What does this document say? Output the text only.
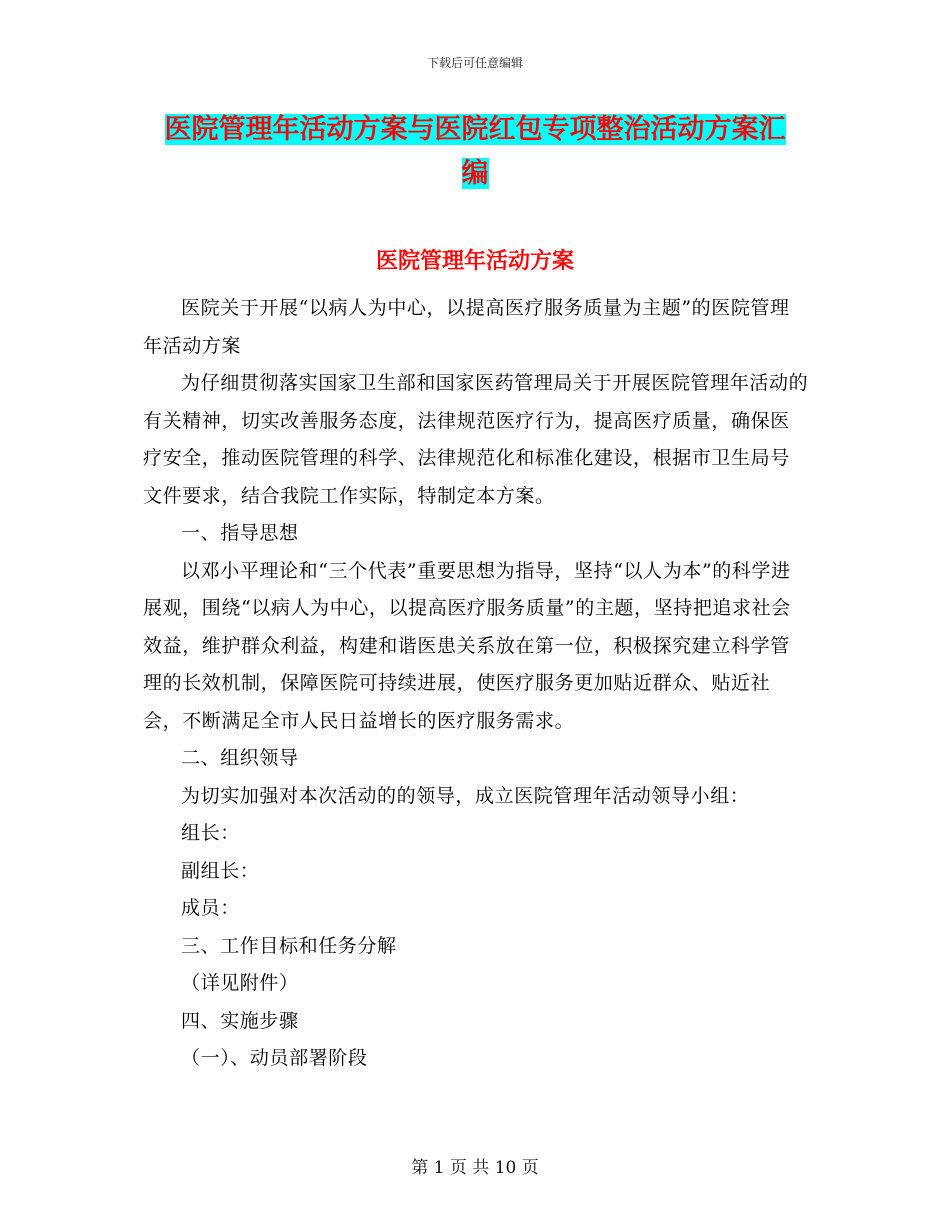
下载后可任意编辑
医院管理年活动方案与医院红包专项整治活动方案汇
编
医院管理年活动方案

医院关于开展“以病人为中心，以提高医疗服务质量为主题”的医院管理年活动方案

为仔细贯彻落实国家卫生部和国家医药管理局关于开展医院管理年活动的有关精神，切实改善服务态度，法律规范医疗行为，提高医疗质量，确保医疗安全，推动医院管理的科学、法律规范化和标准化建设，根据市卫生局号文件要求，结合我院工作实际，特制定本方案。

一、指导思想

以邓小平理论和“三个代表”重要思想为指导，坚持“以人为本”的科学进展观，围绕“以病人为中心，以提高医疗服务质量”的主题，坚持把追求社会效益，维护群众利益，构建和谐医患关系放在第一位，积极探究建立科学管理的长效机制，保障医院可持续进展，使医疗服务更加贴近群众、贴近社会，不断满足全市人民日益增长的医疗服务需求。

二、组织领导

为切实加强对本次活动的的领导，成立医院管理年活动领导小组：

组长：

副组长：

成员：

三、工作目标和任务分解

（详见附件）

四、实施步骤

（一）、动员部署阶段

第 1 页 共 10 页
